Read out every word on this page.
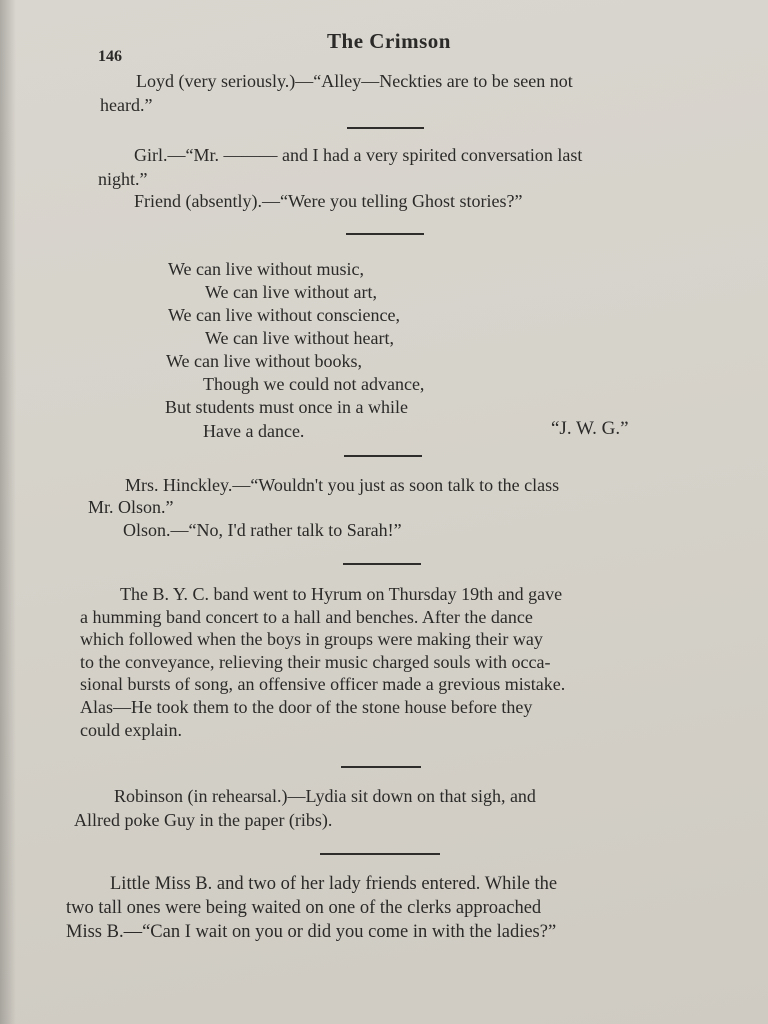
146
The Crimson

Loyd (very seriously.)—“Alley—Neckties are to be seen not

heard.”

Girl.—“Mr. ——— and I had a very spirited conversation last

night.”

Friend (absently).—“Were you telling Ghost stories?”

We can live without music,
We can live without art,
We can live without conscience,
We can live without heart,
We can live without books,
Though we could not advance,
But students must once in a while
Have a dance.	“J. W. G.”

Mrs. Hinckley.—“Wouldn't you just as soon talk to the class

Mr. Olson.”

Olson.—“No, I'd rather talk to Sarah!”

The B. Y. C. band went to Hyrum on Thursday 19th and gave

a humming band concert to a hall and benches. After the dance

which followed when the boys in groups were making their way

to the conveyance, relieving their music charged souls with occa-

sional bursts of song, an offensive officer made a grevious mistake.

Alas—He took them to the door of the stone house before they

could explain.

Robinson (in rehearsal.)—Lydia sit down on that sigh, and

Allred poke Guy in the paper (ribs).

Little Miss B. and two of her lady friends entered. While the

two tall ones were being waited on one of the clerks approached

Miss B.—“Can I wait on you or did you come in with the ladies?”
